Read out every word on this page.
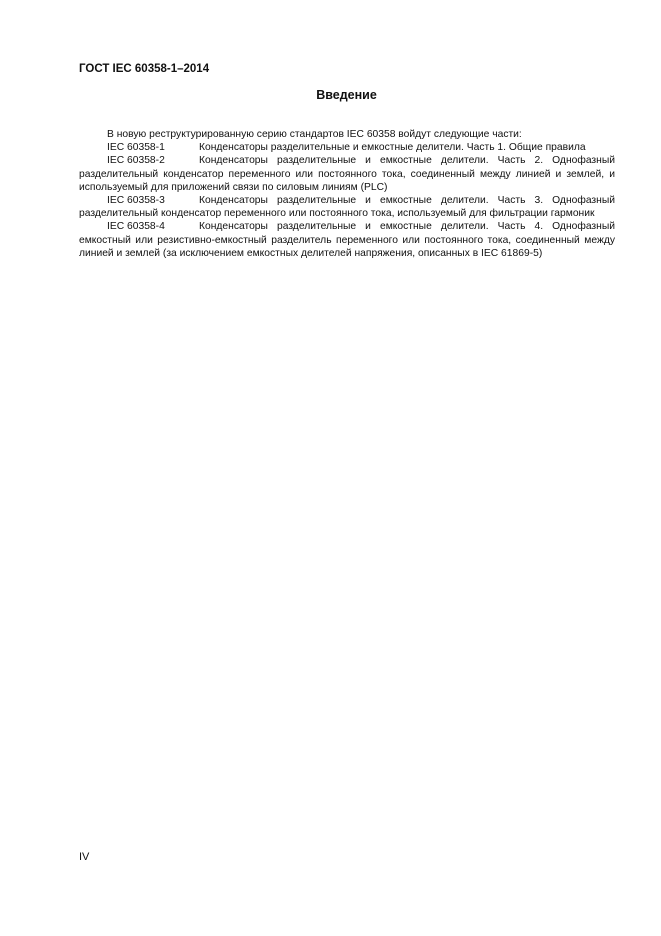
ГОСТ IEC 60358-1–2014
Введение

В новую реструктурированную серию стандартов IEC 60358 войдут следующие части:

IEC 60358-1	Конденсаторы разделительные и емкостные делители. Часть 1. Общие правила

IEC 60358-2	Конденсаторы разделительные и емкостные делители. Часть 2. Однофазный разделительный конденсатор переменного или постоянного тока, соединенный между линией и землей, и используемый для приложений связи по силовым линиям (PLC)

IEC 60358-3	Конденсаторы разделительные и емкостные делители. Часть 3. Однофазный разделительный конденсатор переменного или постоянного тока, используемый для фильтрации гармоник

IEC 60358-4	Конденсаторы разделительные и емкостные делители. Часть 4. Однофазный емкостный или резистивно-емкостный разделитель переменного или постоянного тока, соединенный между линией и землей (за исключением емкостных делителей напряжения, описанных в IEC 61869-5)

IV
